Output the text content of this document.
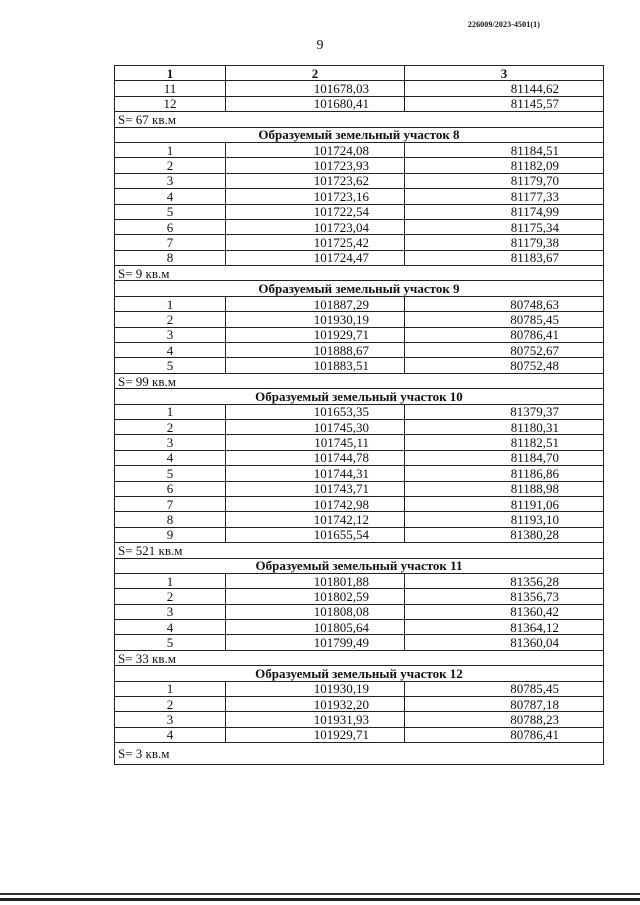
226009/2023-4501(1)
9
1	2	3
11	101678,03	81144,62
12	101680,41	81145,57
S= 67 кв.м		
Образуемый земельный участок 8		
1	101724,08	81184,51
2	101723,93	81182,09
3	101723,62	81179,70
4	101723,16	81177,33
5	101722,54	81174,99
6	101723,04	81175,34
7	101725,42	81179,38
8	101724,47	81183,67
S= 9 кв.м		
Образуемый земельный участок 9		
1	101887,29	80748,63
2	101930,19	80785,45
3	101929,71	80786,41
4	101888,67	80752,67
5	101883,51	80752,48
S= 99 кв.м		
Образуемый земельный участок 10		
1	101653,35	81379,37
2	101745,30	81180,31
3	101745,11	81182,51
4	101744,78	81184,70
5	101744,31	81186,86
6	101743,71	81188,98
7	101742,98	81191,06
8	101742,12	81193,10
9	101655,54	81380,28
S= 521 кв.м		
Образуемый земельный участок 11		
1	101801,88	81356,28
2	101802,59	81356,73
3	101808,08	81360,42
4	101805,64	81364,12
5	101799,49	81360,04
S= 33 кв.м		
Образуемый земельный участок 12		
1	101930,19	80785,45
2	101932,20	80787,18
3	101931,93	80788,23
4	101929,71	80786,41
S= 3 кв.м		
